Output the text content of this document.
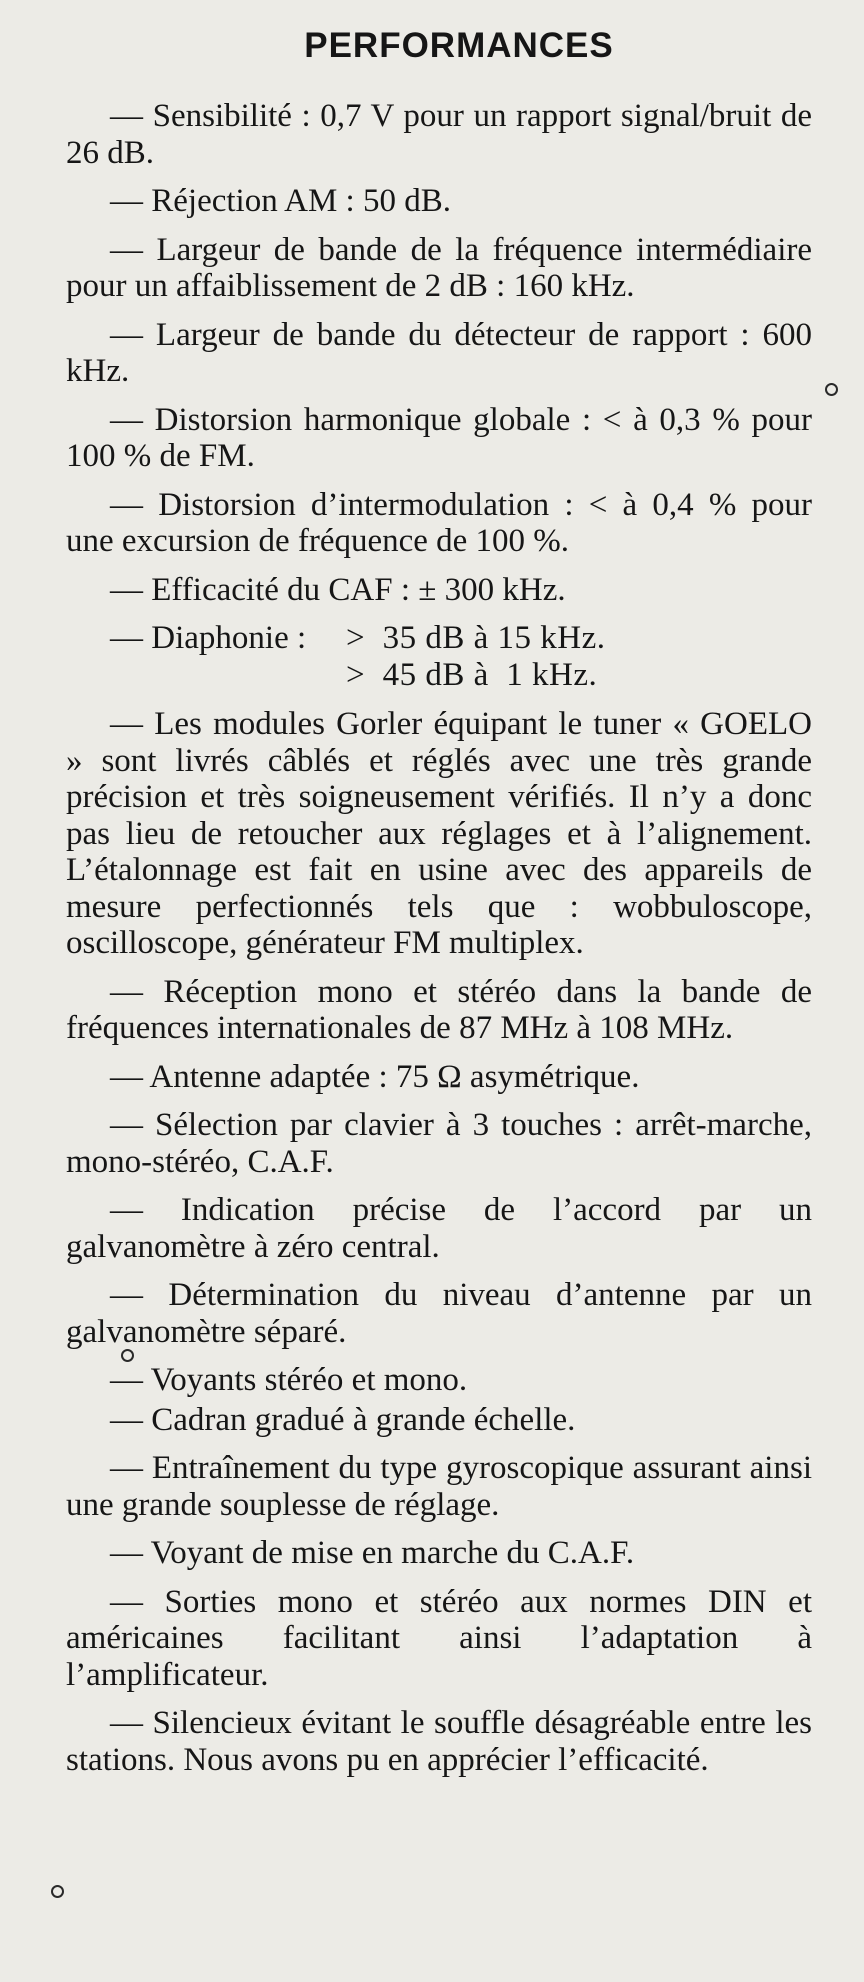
PERFORMANCES

— Sensibilité : 0,7 V pour un rapport signal/bruit de 26 dB.

— Réjection AM : 50 dB.

— Largeur de bande de la fréquence intermédiaire pour un affaiblissement de 2 dB : 160 kHz.

— Largeur de bande du détecteur de rapport : 600 kHz.

— Distorsion harmonique globale : < à 0,3 % pour 100 % de FM.

— Distorsion d’intermodulation : < à 0,4 % pour une excursion de fréquence de 100 %.

— Efficacité du CAF : ± 300 kHz.

— Diaphonie :	>  35 dB à 15 kHz.
>  45 dB à  1 kHz.

— Les modules Gorler équipant le tuner « GOELO » sont livrés câblés et réglés avec une très grande précision et très soigneusement vérifiés. Il n’y a donc pas lieu de retoucher aux réglages et à l’alignement. L’étalonnage est fait en usine avec des appareils de mesure perfectionnés tels que : wobbuloscope, oscilloscope, générateur FM multiplex.

— Réception mono et stéréo dans la bande de fréquences internationales de 87 MHz à 108 MHz.

— Antenne adaptée : 75 Ω asymétrique.

— Sélection par clavier à 3 touches : arrêt-marche, mono-stéréo, C.A.F.

— Indication précise de l’accord par un galvanomètre à zéro central.

— Détermination du niveau d’antenne par un galvanomètre séparé.

— Voyants stéréo et mono.

— Cadran gradué à grande échelle.

— Entraînement du type gyroscopique assurant ainsi une grande souplesse de réglage.

— Voyant de mise en marche du C.A.F.

— Sorties mono et stéréo aux normes DIN et américaines facilitant ainsi l’adaptation à l’amplificateur.

— Silencieux évitant le souffle désagréable entre les stations. Nous avons pu en apprécier l’efficacité.
